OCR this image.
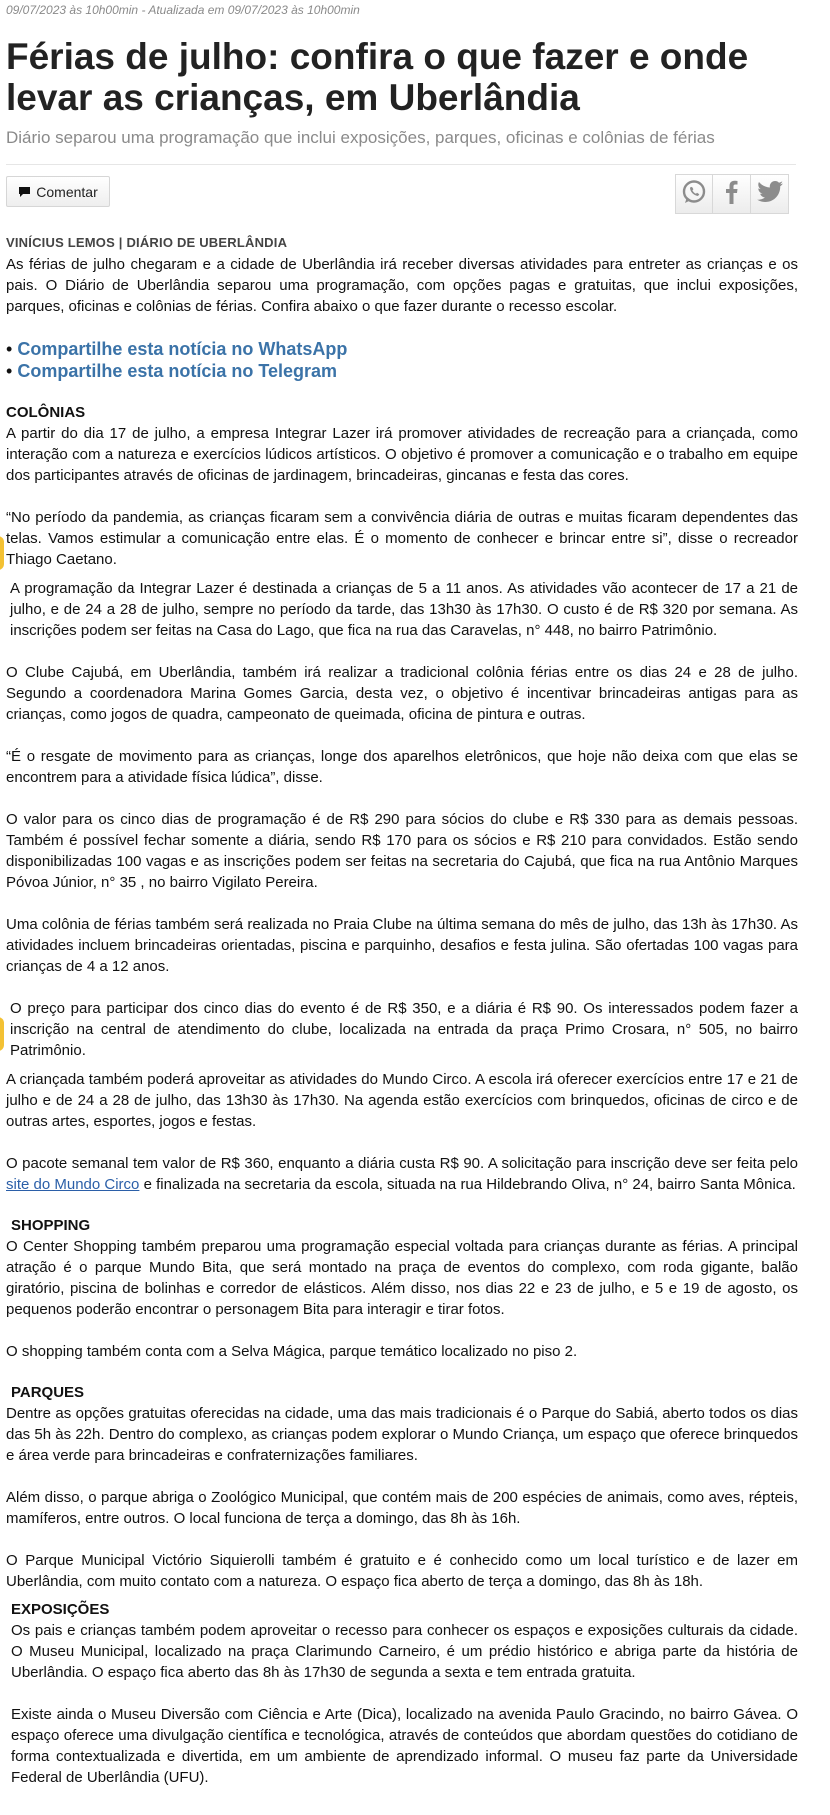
09/07/2023 às 10h00min - Atualizada em 09/07/2023 às 10h00min
Férias de julho: confira o que fazer e onde levar as crianças, em Uberlândia
Diário separou uma programação que inclui exposições, parques, oficinas e colônias de férias
Comentar

VINÍCIUS LEMOS | DIÁRIO DE UBERLÂNDIA

As férias de julho chegaram e a cidade de Uberlândia irá receber diversas atividades para entreter as crianças e os pais. O Diário de Uberlândia separou uma programação, com opções pagas e gratuitas, que inclui exposições, parques, oficinas e colônias de férias. Confira abaixo o que fazer durante o recesso escolar.

• Compartilhe esta notícia no WhatsApp

• Compartilhe esta notícia no Telegram

COLÔNIAS

A partir do dia 17 de julho, a empresa Integrar Lazer irá promover atividades de recreação para a criançada, como interação com a natureza e exercícios lúdicos artísticos. O objetivo é promover a comunicação e o trabalho em equipe dos participantes através de oficinas de jardinagem, brincadeiras, gincanas e festa das cores.

“No período da pandemia, as crianças ficaram sem a convivência diária de outras e muitas ficaram dependentes das telas. Vamos estimular a comunicação entre elas. É o momento de conhecer e brincar entre si”, disse o recreador Thiago Caetano.

A programação da Integrar Lazer é destinada a crianças de 5 a 11 anos. As atividades vão acontecer de 17 a 21 de julho, e de 24 a 28 de julho, sempre no período da tarde, das 13h30 às 17h30. O custo é de R$ 320 por semana. As inscrições podem ser feitas na Casa do Lago, que fica na rua das Caravelas, n° 448, no bairro Patrimônio.

O Clube Cajubá, em Uberlândia, também irá realizar a tradicional colônia férias entre os dias 24 e 28 de julho. Segundo a coordenadora Marina Gomes Garcia, desta vez, o objetivo é incentivar brincadeiras antigas para as crianças, como jogos de quadra, campeonato de queimada, oficina de pintura e outras.

“É o resgate de movimento para as crianças, longe dos aparelhos eletrônicos, que hoje não deixa com que elas se encontrem para a atividade física lúdica”, disse.

O valor para os cinco dias de programação é de R$ 290 para sócios do clube e R$ 330 para as demais pessoas. Também é possível fechar somente a diária, sendo R$ 170 para os sócios e R$ 210 para convidados. Estão sendo disponibilizadas 100 vagas e as inscrições podem ser feitas na secretaria do Cajubá, que fica na rua Antônio Marques Póvoa Júnior, n° 35 , no bairro Vigilato Pereira.

Uma colônia de férias também será realizada no Praia Clube na última semana do mês de julho, das 13h às 17h30. As atividades incluem brincadeiras orientadas, piscina e parquinho, desafios e festa julina. São ofertadas 100 vagas para crianças de 4 a 12 anos.

O preço para participar dos cinco dias do evento é de R$ 350, e a diária é R$ 90. Os interessados podem fazer a inscrição na central de atendimento do clube, localizada na entrada da praça Primo Crosara, n° 505, no bairro Patrimônio.

A criançada também poderá aproveitar as atividades do Mundo Circo. A escola irá oferecer exercícios entre 17 e 21 de julho e de 24 a 28 de julho, das 13h30 às 17h30. Na agenda estão exercícios com brinquedos, oficinas de circo e de outras artes, esportes, jogos e festas.

O pacote semanal tem valor de R$ 360, enquanto a diária custa R$ 90. A solicitação para inscrição deve ser feita pelo site do Mundo Circo e finalizada na secretaria da escola, situada na rua Hildebrando Oliva, n° 24, bairro Santa Mônica.

SHOPPING

O Center Shopping também preparou uma programação especial voltada para crianças durante as férias. A principal atração é o parque Mundo Bita, que será montado na praça de eventos do complexo, com roda gigante, balão giratório, piscina de bolinhas e corredor de elásticos. Além disso, nos dias 22 e 23 de julho, e 5 e 19 de agosto, os pequenos poderão encontrar o personagem Bita para interagir e tirar fotos.

O shopping também conta com a Selva Mágica, parque temático localizado no piso 2.

PARQUES

Dentre as opções gratuitas oferecidas na cidade, uma das mais tradicionais é o Parque do Sabiá, aberto todos os dias das 5h às 22h. Dentro do complexo, as crianças podem explorar o Mundo Criança, um espaço que oferece brinquedos e área verde para brincadeiras e confraternizações familiares.

Além disso, o parque abriga o Zoológico Municipal, que contém mais de 200 espécies de animais, como aves, répteis, mamíferos, entre outros. O local funciona de terça a domingo, das 8h às 16h.

O Parque Municipal Victório Siquierolli também é gratuito e é conhecido como um local turístico e de lazer em Uberlândia, com muito contato com a natureza. O espaço fica aberto de terça a domingo, das 8h às 18h.

EXPOSIÇÕES

Os pais e crianças também podem aproveitar o recesso para conhecer os espaços e exposições culturais da cidade. O Museu Municipal, localizado na praça Clarimundo Carneiro, é um prédio histórico e abriga parte da história de Uberlândia. O espaço fica aberto das 8h às 17h30 de segunda a sexta e tem entrada gratuita.

Existe ainda o Museu Diversão com Ciência e Arte (Dica), localizado na avenida Paulo Gracindo, no bairro Gávea. O espaço oferece uma divulgação científica e tecnológica, através de conteúdos que abordam questões do cotidiano de forma contextualizada e divertida, em um ambiente de aprendizado informal. O museu faz parte da Universidade Federal de Uberlândia (UFU).
